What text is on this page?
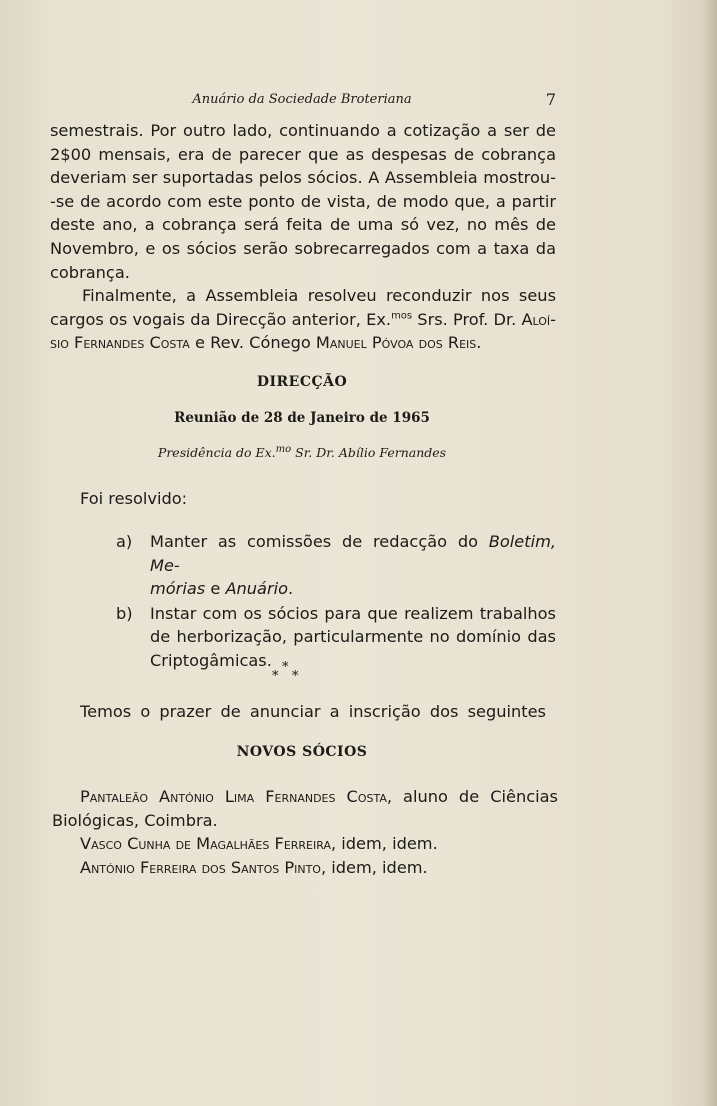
Anuário da Sociedade Broteriana	7

semestrais. Por outro lado, continuando a cotização a ser de

2$00 mensais, era de parecer que as despesas de cobrança

deveriam ser suportadas pelos sócios. A Assembleia mostrou-

-se de acordo com este ponto de vista, de modo que, a partir

deste ano, a cobrança será feita de uma só vez, no mês de

Novembro, e os sócios serão sobrecarregados com a taxa da

cobrança.

Finalmente, a Assembleia resolveu reconduzir nos seus

cargos os vogais da Direcção anterior, Ex.$^{mos}$ Srs. Prof. Dr. Aloí-

sio Fernandes Costa e Rev. Cónego Manuel Póvoa dos Reis.

DIRECÇÃO
Reunião de 28 de Janeiro de 1965
Presidência do Ex.$^{mo}$ Sr. Dr. Abílio Fernandes
Foi resolvido:
a) Manter as comissões de redacção do Boletim, Me-

mórias e Anuário.

b) Instar com os sócios para que realizem trabalhos

de herborização, particularmente no domínio das

Criptogâmicas. *
* *

Temos o prazer de anunciar a inscrição dos seguintes

NOVOS SÓCIOS

Pantaleão António Lima Fernandes Costa, aluno de Ciências

Biológicas, Coimbra.

Vasco Cunha de Magalhães Ferreira, idem, idem.

António Ferreira dos Santos Pinto, idem, idem.
